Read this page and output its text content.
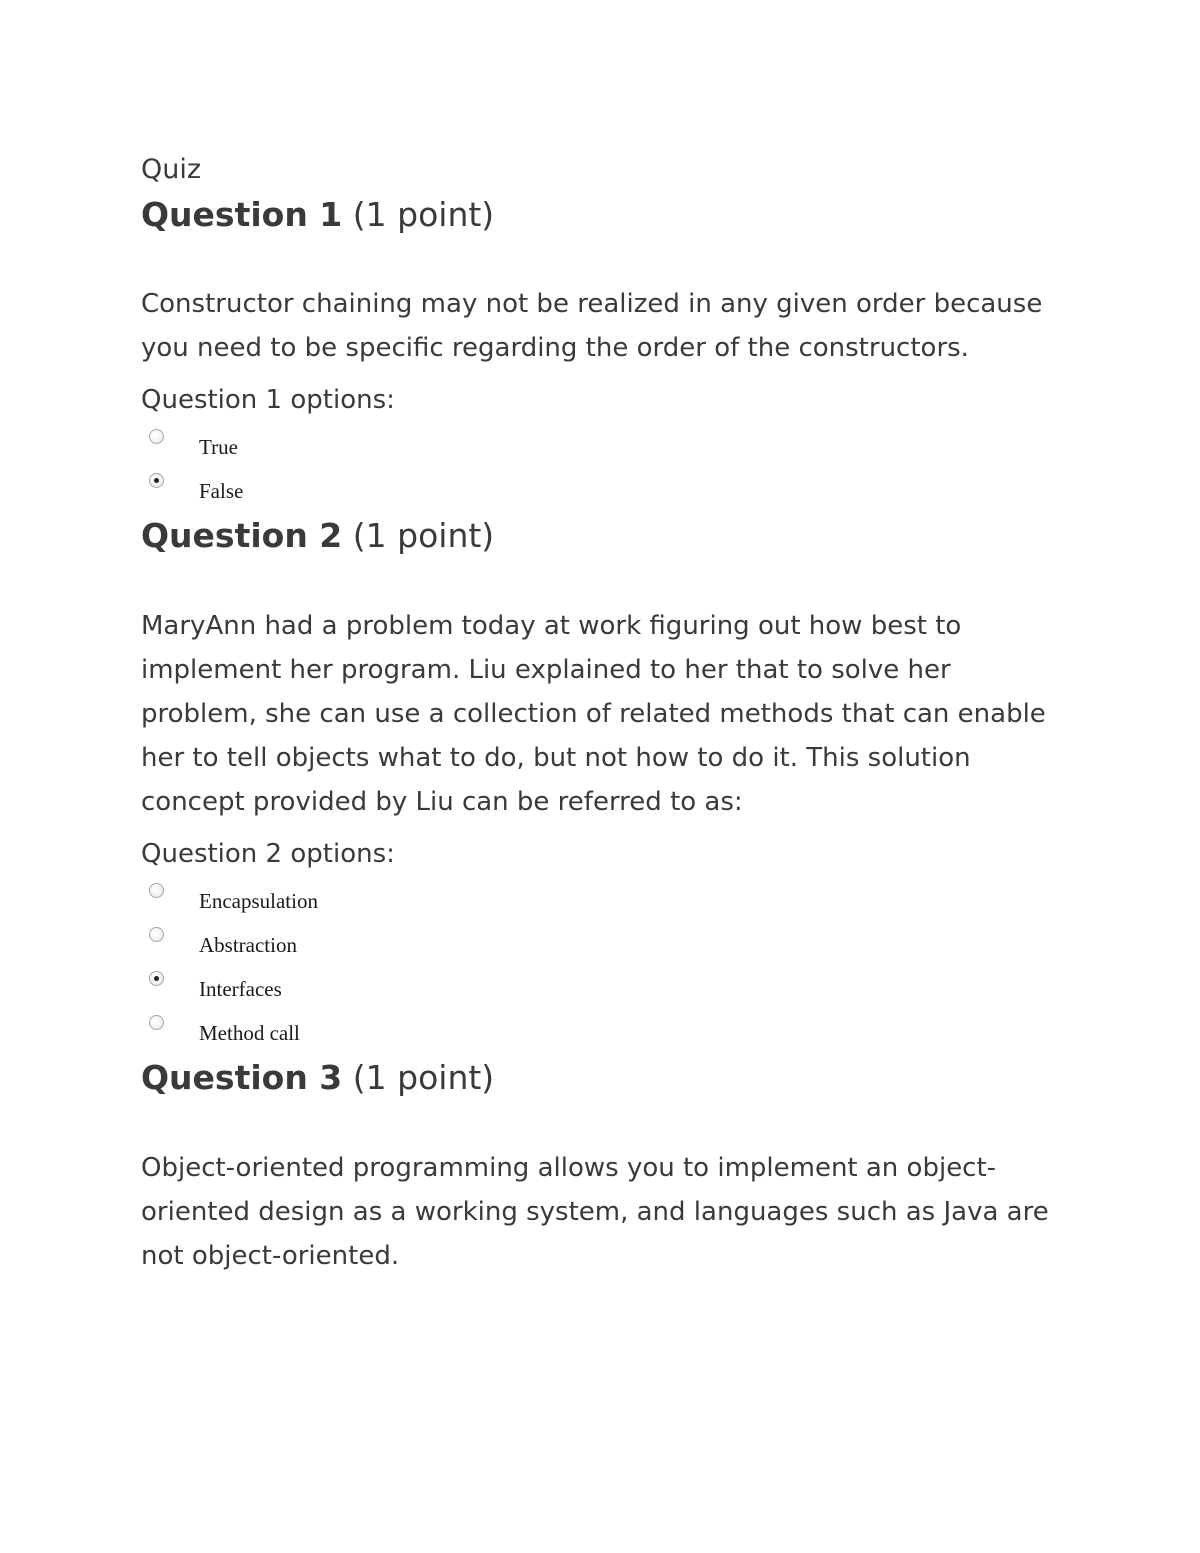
Quiz
Question 1 (1 point)

Constructor chaining may not be realized in any given order because you need to be specific regarding the order of the constructors.

Question 1 options:

True
False
Question 2 (1 point)

MaryAnn had a problem today at work figuring out how best to implement her program. Liu explained to her that to solve her problem, she can use a collection of related methods that can enable her to tell objects what to do, but not how to do it. This solution concept provided by Liu can be referred to as:

Question 2 options:

Encapsulation
Abstraction
Interfaces
Method call
Question 3 (1 point)

Object-oriented programming allows you to implement an object-oriented design as a working system, and languages such as Java are not object-oriented.
